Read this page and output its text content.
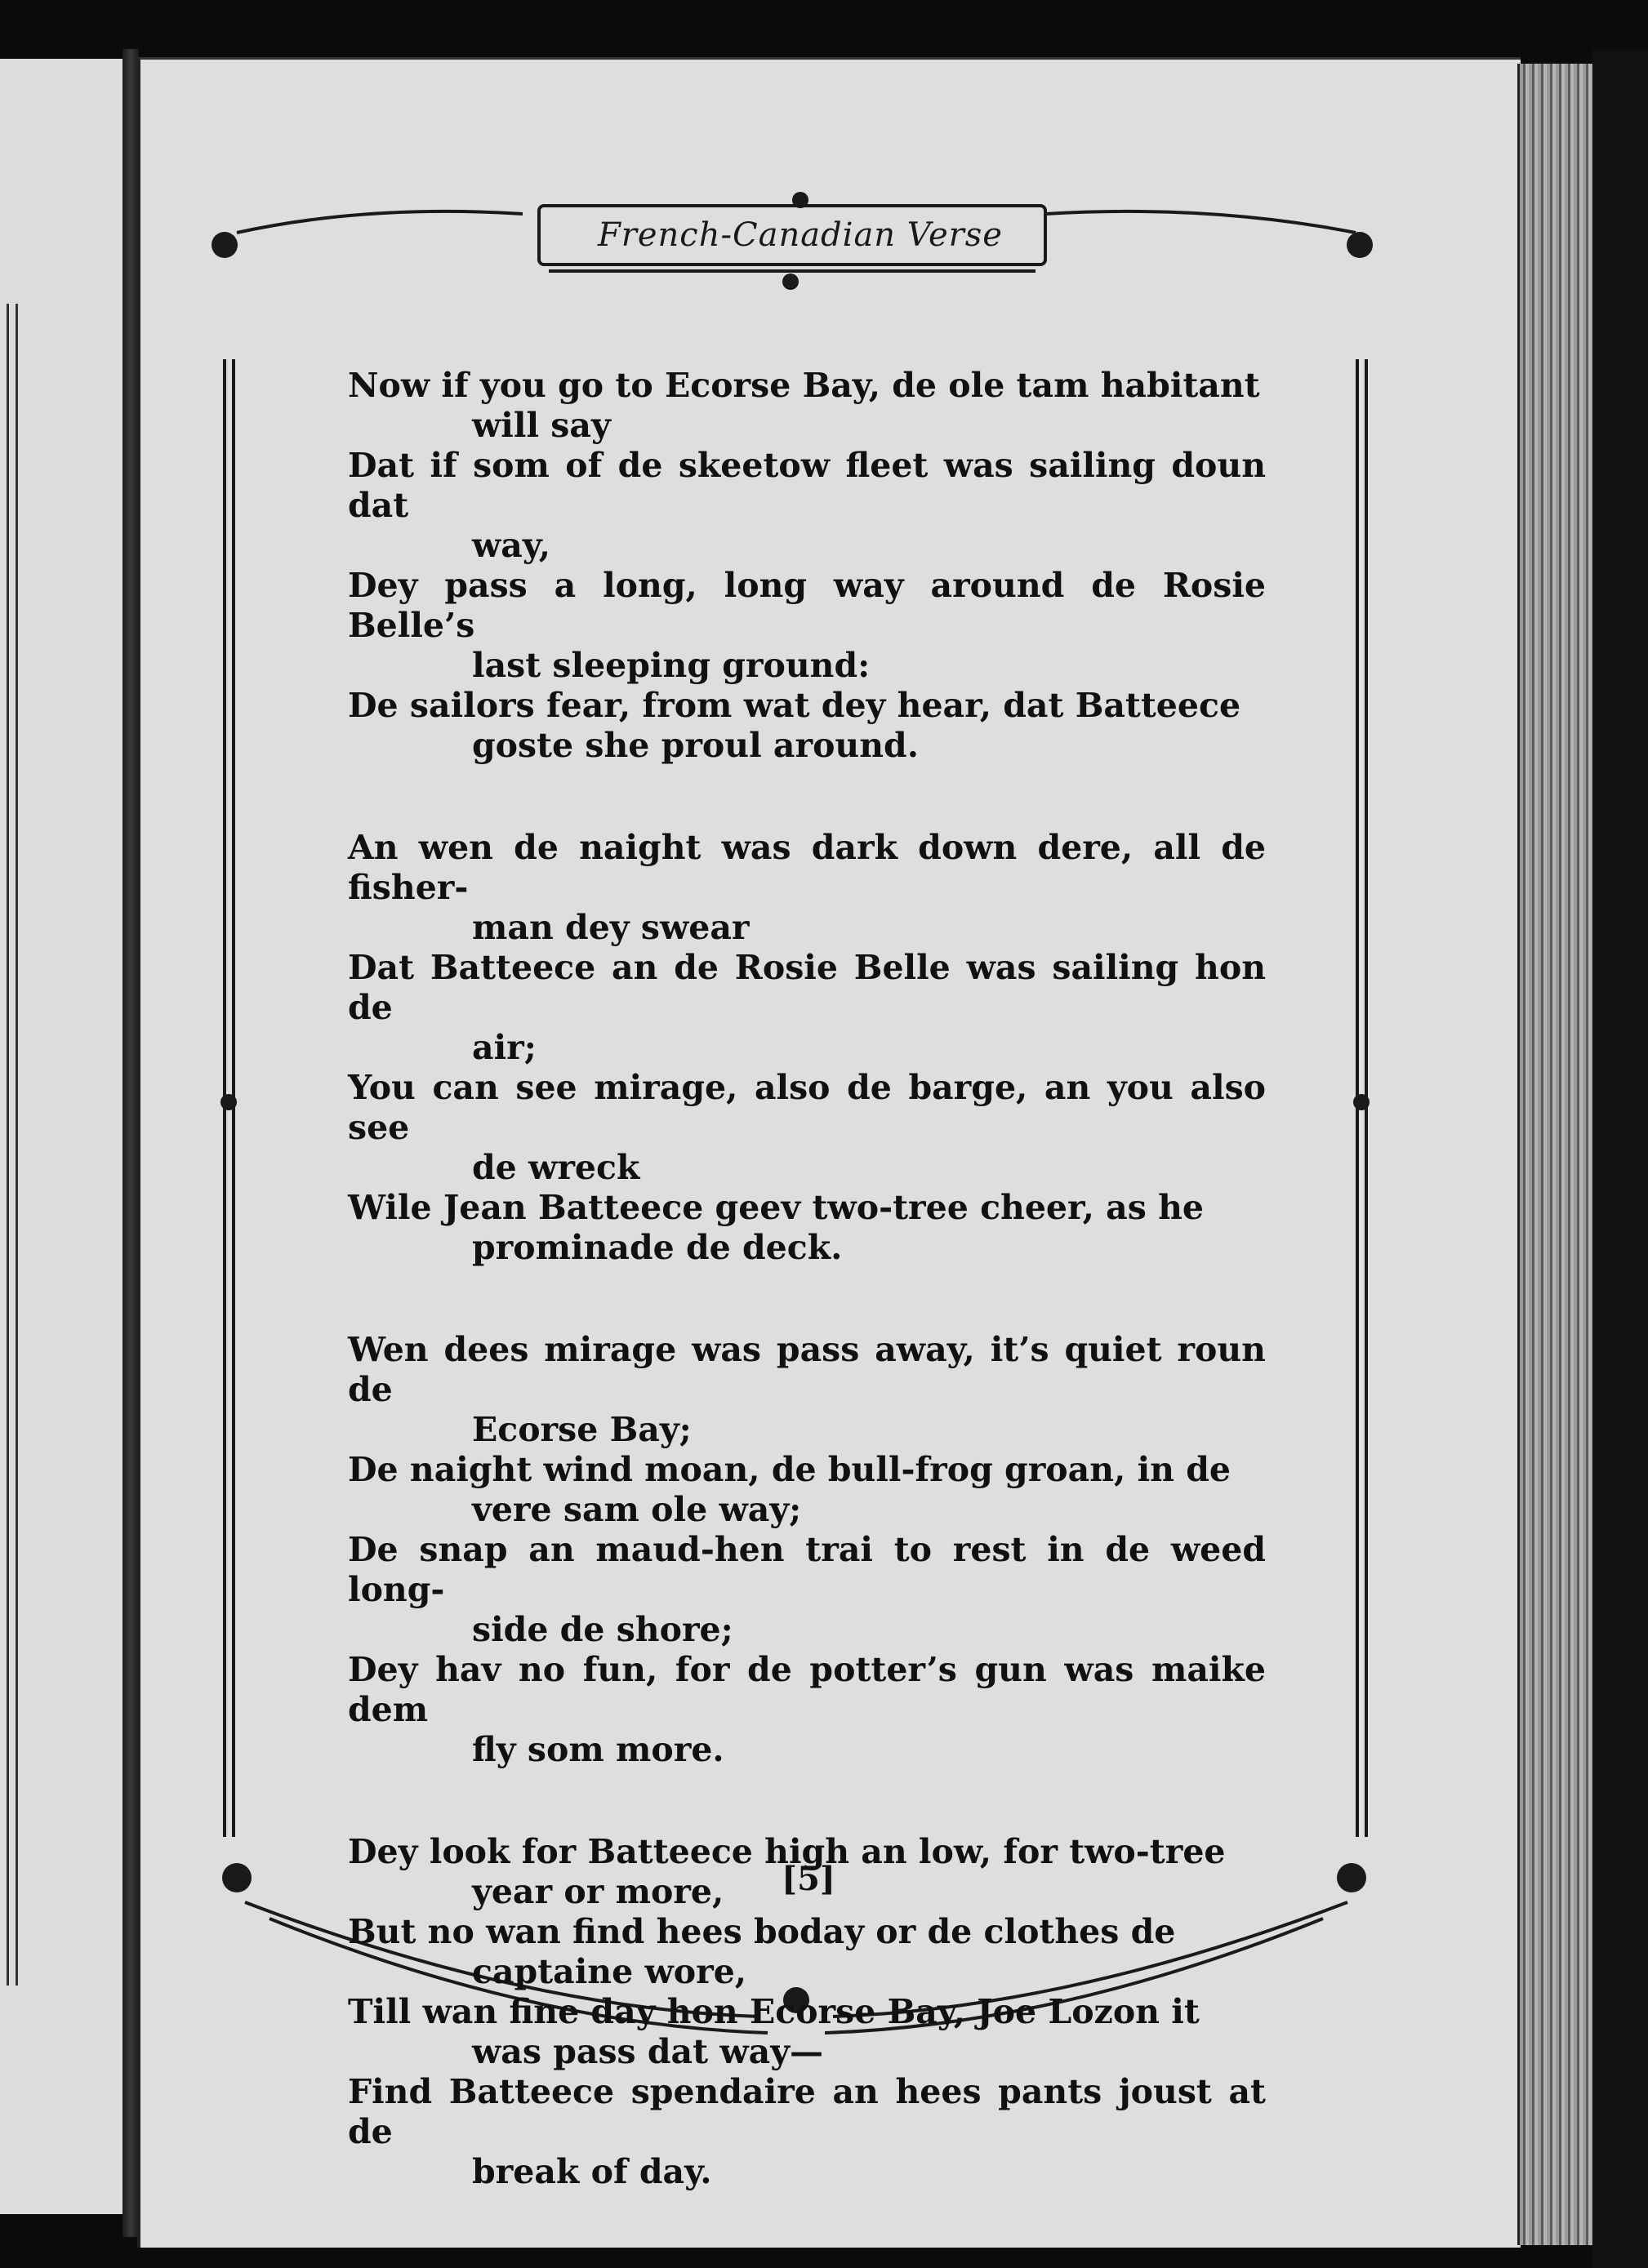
French-Canadian Verse
Now if you go to Ecorse Bay, de ole tam habitant
will say
Dat if som of de skeetow fleet was sailing doun dat
way,
Dey pass a long, long way around de Rosie Belle’s
last sleeping ground:
De sailors fear, from wat dey hear, dat Batteece
goste she proul around.
An wen de naight was dark down dere, all de fisher-
man dey swear
Dat Batteece an de Rosie Belle was sailing hon de
air;
You can see mirage, also de barge, an you also see
de wreck
Wile Jean Batteece geev two-tree cheer, as he
prominade de deck.
Wen dees mirage was pass away, it’s quiet roun de
Ecorse Bay;
De naight wind moan, de bull-frog groan, in de
vere sam ole way;
De snap an maud-hen trai to rest in de weed long-
side de shore;
Dey hav no fun, for de potter’s gun was maike dem
fly som more.
Dey look for Batteece high an low, for two-tree
year or more,
But no wan find hees boday or de clothes de
captaine wore,
Till wan fine day hon Ecorse Bay, Joe Lozon it
was pass dat way—
Find Batteece spendaire an hees pants joust at de
break of day.
[5]
